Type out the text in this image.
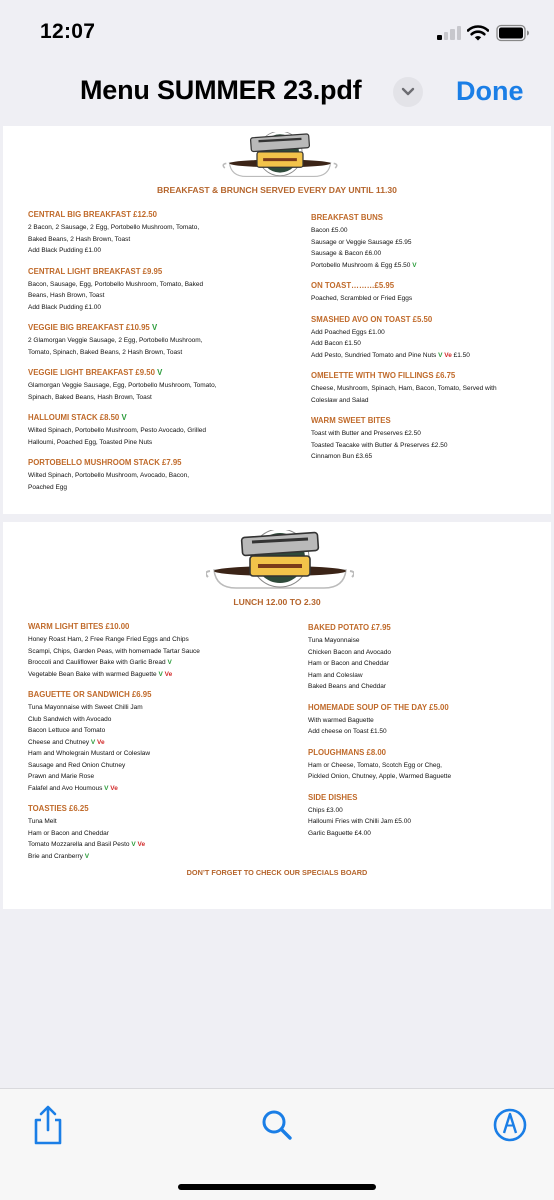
12:07
Menu SUMMER 23.pdf	Done
BREAKFAST & BRUNCH SERVED EVERY DAY UNTIL 11.30
CENTRAL BIG BREAKFAST £12.50
2 Bacon, 2 Sausage, 2 Egg, Portobello Mushroom, Tomato,
Baked Beans, 2 Hash Brown, Toast
Add Black Pudding £1.00
CENTRAL LIGHT BREAKFAST £9.95
Bacon, Sausage, Egg, Portobello Mushroom, Tomato, Baked
Beans, Hash Brown, Toast
Add Black Pudding £1.00
VEGGIE BIG BREAKFAST £10.95 V
2 Glamorgan Veggie Sausage, 2 Egg, Portobello Mushroom,
Tomato, Spinach, Baked Beans, 2 Hash Brown, Toast
VEGGIE LIGHT BREAKFAST £9.50 V
Glamorgan Veggie Sausage, Egg, Portobello Mushroom, Tomato,
Spinach, Baked Beans, Hash Brown, Toast
HALLOUMI STACK £8.50 V
Wilted Spinach, Portobello Mushroom, Pesto Avocado, Grilled
Halloumi, Poached Egg, Toasted Pine Nuts
PORTOBELLO MUSHROOM STACK £7.95
Wilted Spinach, Portobello Mushroom, Avocado, Bacon,
Poached Egg
BREAKFAST BUNS
Bacon £5.00
Sausage or Veggie Sausage £5.95
Sausage & Bacon £6.00
Portobello Mushroom & Egg £5.50 V
ON TOAST………£5.95
Poached, Scrambled or Fried Eggs
SMASHED AVO ON TOAST £5.50
Add Poached Eggs £1.00
Add Bacon £1.50
Add Pesto, Sundried Tomato and Pine Nuts V Ve £1.50
OMELETTE WITH TWO FILLINGS £6.75
Cheese, Mushroom, Spinach, Ham, Bacon, Tomato, Served with
Coleslaw and Salad
WARM SWEET BITES
Toast with Butter and Preserves £2.50
Toasted Teacake with Butter & Preserves £2.50
Cinnamon Bun £3.65
LUNCH 12.00 TO 2.30
WARM LIGHT BITES £10.00
Honey Roast Ham, 2 Free Range Fried Eggs and Chips
Scampi, Chips, Garden Peas, with homemade Tartar Sauce
Broccoli and Cauliflower Bake with Garlic Bread V
Vegetable Bean Bake with warmed Baguette V Ve
BAGUETTE OR SANDWICH £6.95
Tuna Mayonnaise with Sweet Chilli Jam
Club Sandwich with Avocado
Bacon Lettuce and Tomato
Cheese and Chutney V Ve
Ham and Wholegrain Mustard or Coleslaw
Sausage and Red Onion Chutney
Prawn and Marie Rose
Falafel and Avo Houmous V Ve
TOASTIES £6.25
Tuna Melt
Ham or Bacon and Cheddar
Tomato Mozzarella and Basil Pesto V Ve
Brie and Cranberry V
BAKED POTATO £7.95
Tuna Mayonnaise
Chicken Bacon and Avocado
Ham or Bacon and Cheddar
Ham and Coleslaw
Baked Beans and Cheddar
HOMEMADE SOUP OF THE DAY £5.00
With warmed Baguette
Add cheese on Toast £1.50
PLOUGHMANS £8.00
Ham or Cheese, Tomato, Scotch Egg or Cheg,
Pickled Onion, Chutney, Apple, Warmed Baguette
SIDE DISHES
Chips £3.00
Halloumi Fries with Chilli Jam £5.00
Garlic Baguette £4.00
DON’T FORGET TO CHECK OUR SPECIALS BOARD
